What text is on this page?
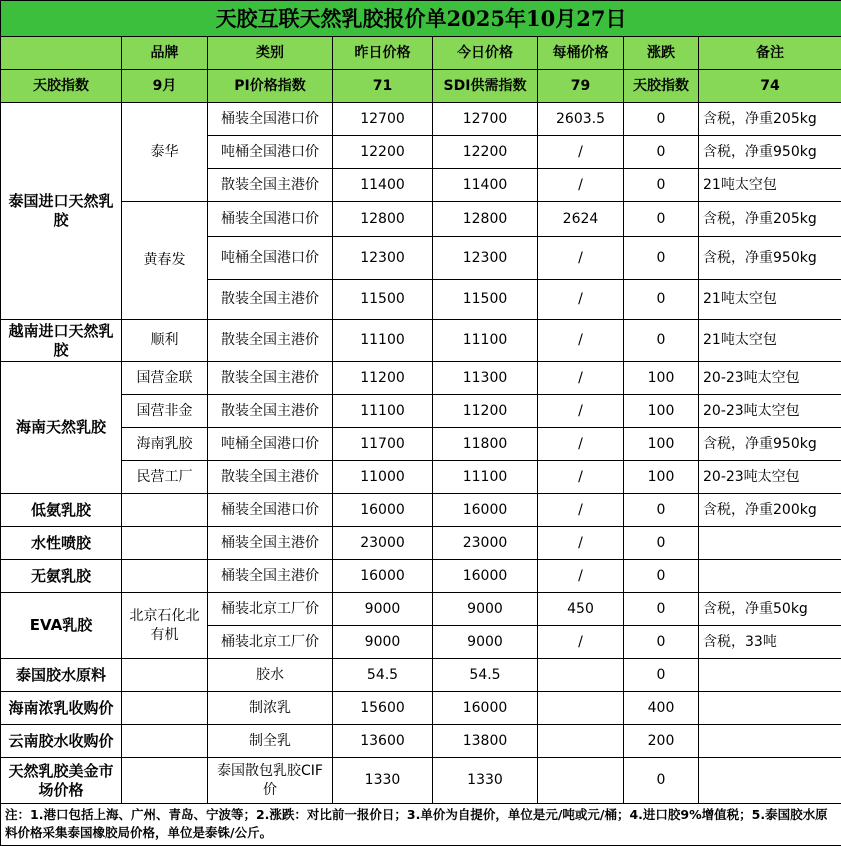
天胶互联天然乳胶报价单2025年10月27日							
	品牌	类别	昨日价格	今日价格	每桶价格	涨跌	备注
天胶指数	9月	PI价格指数	71	SDI供需指数	79	天胶指数	74
泰国进口天然乳胶	泰华	桶装全国港口价	12700	12700	2603.5	0	含税，净重205kg
		吨桶全国港口价	12200	12200	/	0	含税，净重950kg
		散装全国主港价	11400	11400	/	0	21吨太空包
	黄春发	桶装全国港口价	12800	12800	2624	0	含税，净重205kg
		吨桶全国港口价	12300	12300	/	0	含税，净重950kg
		散装全国主港价	11500	11500	/	0	21吨太空包
越南进口天然乳胶	顺利	散装全国主港价	11100	11100	/	0	21吨太空包
海南天然乳胶	国营金联	散装全国主港价	11200	11300	/	100	20-23吨太空包
	国营非金	散装全国主港价	11100	11200	/	100	20-23吨太空包
	海南乳胶	吨桶全国港口价	11700	11800	/	100	含税，净重950kg
	民营工厂	散装全国主港价	11000	11100	/	100	20-23吨太空包
低氨乳胶		桶装全国港口价	16000	16000	/	0	含税，净重200kg
水性喷胶		桶装全国主港价	23000	23000	/	0	
无氨乳胶		桶装全国主港价	16000	16000	/	0	
EVA乳胶	北京石化北有机	桶装北京工厂价	9000	9000	450	0	含税，净重50kg
		桶装北京工厂价	9000	9000	/	0	含税，33吨
泰国胶水原料		胶水	54.5	54.5		0	
海南浓乳收购价		制浓乳	15600	16000		400	
云南胶水收购价		制全乳	13600	13800		200	
天然乳胶美金市场价格		泰国散包乳胶CIF价	1330	1330		0	
注：1.港口包括上海、广州、青岛、宁波等；2.涨跌：对比前一报价日；3.单价为自提价，单位是元/吨或元/桶；4.进口胶9%增值税；5.泰国胶水原料价格采集泰国橡胶局价格，单位是泰铢/公斤。							
